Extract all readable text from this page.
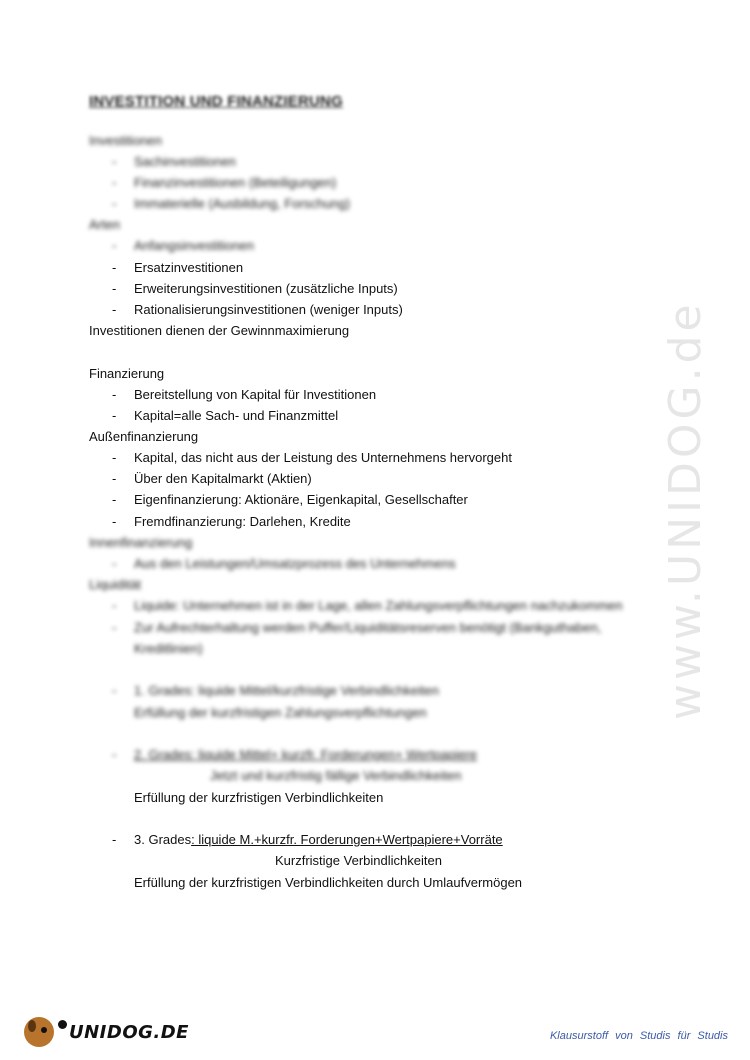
INVESTITION UND FINANZIERUNG
Investitionen
- Sachinvestitionen
- Finanzinvestitionen (Beteiligungen)
- Immaterielle (Ausbildung, Forschung)
Arten
- Anfangsinvestitionen
- Ersatzinvestitionen
- Erweiterungsinvestitionen (zusätzliche Inputs)
- Rationalisierungsinvestitionen (weniger Inputs)
Investitionen dienen der Gewinnmaximierung
Finanzierung
- Bereitstellung von Kapital für Investitionen
- Kapital=alle Sach- und Finanzmittel
Außenfinanzierung
- Kapital, das nicht aus der Leistung des Unternehmens hervorgeht
- Über den Kapitalmarkt (Aktien)
- Eigenfinanzierung: Aktionäre, Eigenkapital, Gesellschafter
- Fremdfinanzierung: Darlehen, Kredite
Innenfinanzierung
- Aus den Leistungen/Umsatzprozess des Unternehmens
Liquidität
- Liquide: Unternehmen ist in der Lage, allen Zahlungsverpflichtungen nachzukommen
- Zur Aufrechterhaltung werden Puffer/Liquiditätsreserven benötigt (Bankguthaben,
Kreditlinien)
- 1. Grades: liquide Mittel/kurzfristige Verbindlichkeiten
Erfüllung der kurzfristigen Zahlungsverpflichtungen
- 2. Grades: liquide Mittel+ kurzfr. Forderungen+ Wertpapiere
Jetzt und kurzfristig fällige Verbindlichkeiten
Erfüllung der kurzfristigen Verbindlichkeiten
- 3. Grades: liquide M.+kurzfr. Forderungen+Wertpapiere+Vorräte
Kurzfristige Verbindlichkeiten
Erfüllung der kurzfristigen Verbindlichkeiten durch Umlaufvermögen
www.UNIDOG.de
UNIDOG.DE	Klausurstoff von Studis für Studis
